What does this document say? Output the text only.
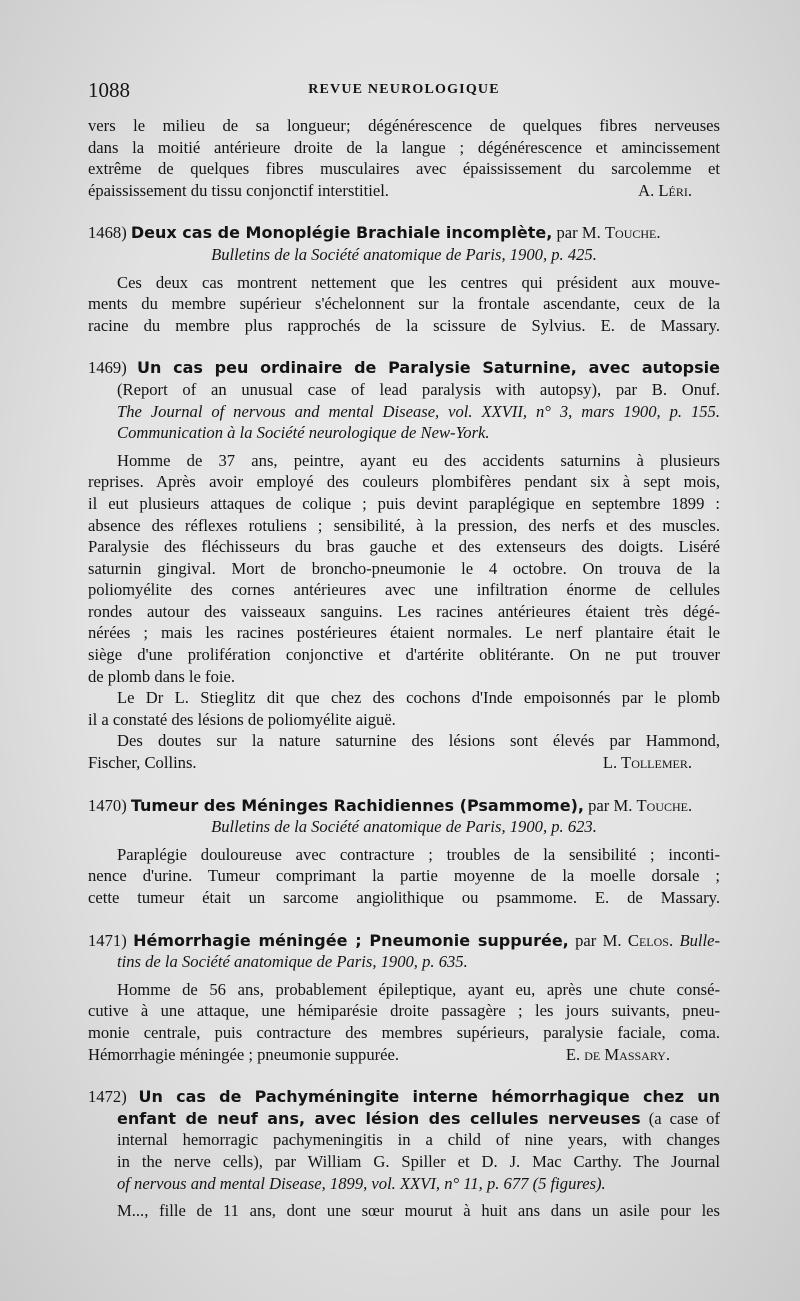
1088	REVUE NEUROLOGIQUE

vers le milieu de sa longueur; dégénérescence de quelques fibres nerveuses

dans la moitié antérieure droite de la langue ; dégénérescence et amincissement

extrême de quelques fibres musculaires avec épaississement du sarcolemme et

épaississement du tissu conjonctif interstitiel.	A. Léri.

1468) Deux cas de Monoplégie Brachiale incomplète, par M. Touche.

Bulletins de la Société anatomique de Paris, 1900, p. 425.

Ces deux cas montrent nettement que les centres qui président aux mouve-

ments du membre supérieur s'échelonnent sur la frontale ascendante, ceux de la

racine du membre plus rapprochés de la scissure de Sylvius. E. de Massary.

1469) Un cas peu ordinaire de Paralysie Saturnine, avec autopsie

(Report of an unusual case of lead paralysis with autopsy), par B. Onuf.

The Journal of nervous and mental Disease, vol. XXVII, n° 3, mars 1900, p. 155.

Communication à la Société neurologique de New-York.

Homme de 37 ans, peintre, ayant eu des accidents saturnins à plusieurs

reprises. Après avoir employé des couleurs plombifères pendant six à sept mois,

il eut plusieurs attaques de colique ; puis devint paraplégique en septembre 1899 :

absence des réflexes rotuliens ; sensibilité, à la pression, des nerfs et des muscles.

Paralysie des fléchisseurs du bras gauche et des extenseurs des doigts. Liséré

saturnin gingival. Mort de broncho-pneumonie le 4 octobre. On trouva de la

poliomyélite des cornes antérieures avec une infiltration énorme de cellules

rondes autour des vaisseaux sanguins. Les racines antérieures étaient très dégé-

nérées ; mais les racines postérieures étaient normales. Le nerf plantaire était le

siège d'une prolifération conjonctive et d'artérite oblitérante. On ne put trouver

de plomb dans le foie.

Le Dr L. Stieglitz dit que chez des cochons d'Inde empoisonnés par le plomb

il a constaté des lésions de poliomyélite aiguë.

Des doutes sur la nature saturnine des lésions sont élevés par Hammond,

Fischer, Collins.	L. Tollemer.

1470) Tumeur des Méninges Rachidiennes (Psammome), par M. Touche.

Bulletins de la Société anatomique de Paris, 1900, p. 623.

Paraplégie douloureuse avec contracture ; troubles de la sensibilité ; inconti-

nence d'urine. Tumeur comprimant la partie moyenne de la moelle dorsale ;

cette tumeur était un sarcome angiolithique ou psammome. E. de Massary.

1471) Hémorrhagie méningée ; Pneumonie suppurée, par M. Celos. Bulle-

tins de la Société anatomique de Paris, 1900, p. 635.

Homme de 56 ans, probablement épileptique, ayant eu, après une chute consé-

cutive à une attaque, une hémiparésie droite passagère ; les jours suivants, pneu-

monie centrale, puis contracture des membres supérieurs, paralysie faciale, coma.

Hémorrhagie méningée ; pneumonie suppurée.	E. de Massary.

1472) Un cas de Pachyméningite interne hémorrhagique chez un

enfant de neuf ans, avec lésion des cellules nerveuses (a case of

internal hemorragic pachymeningitis in a child of nine years, with changes

in the nerve cells), par William G. Spiller et D. J. Mac Carthy. The Journal

of nervous and mental Disease, 1899, vol. XXVI, n° 11, p. 677 (5 figures).

M..., fille de 11 ans, dont une sœur mourut à huit ans dans un asile pour les
